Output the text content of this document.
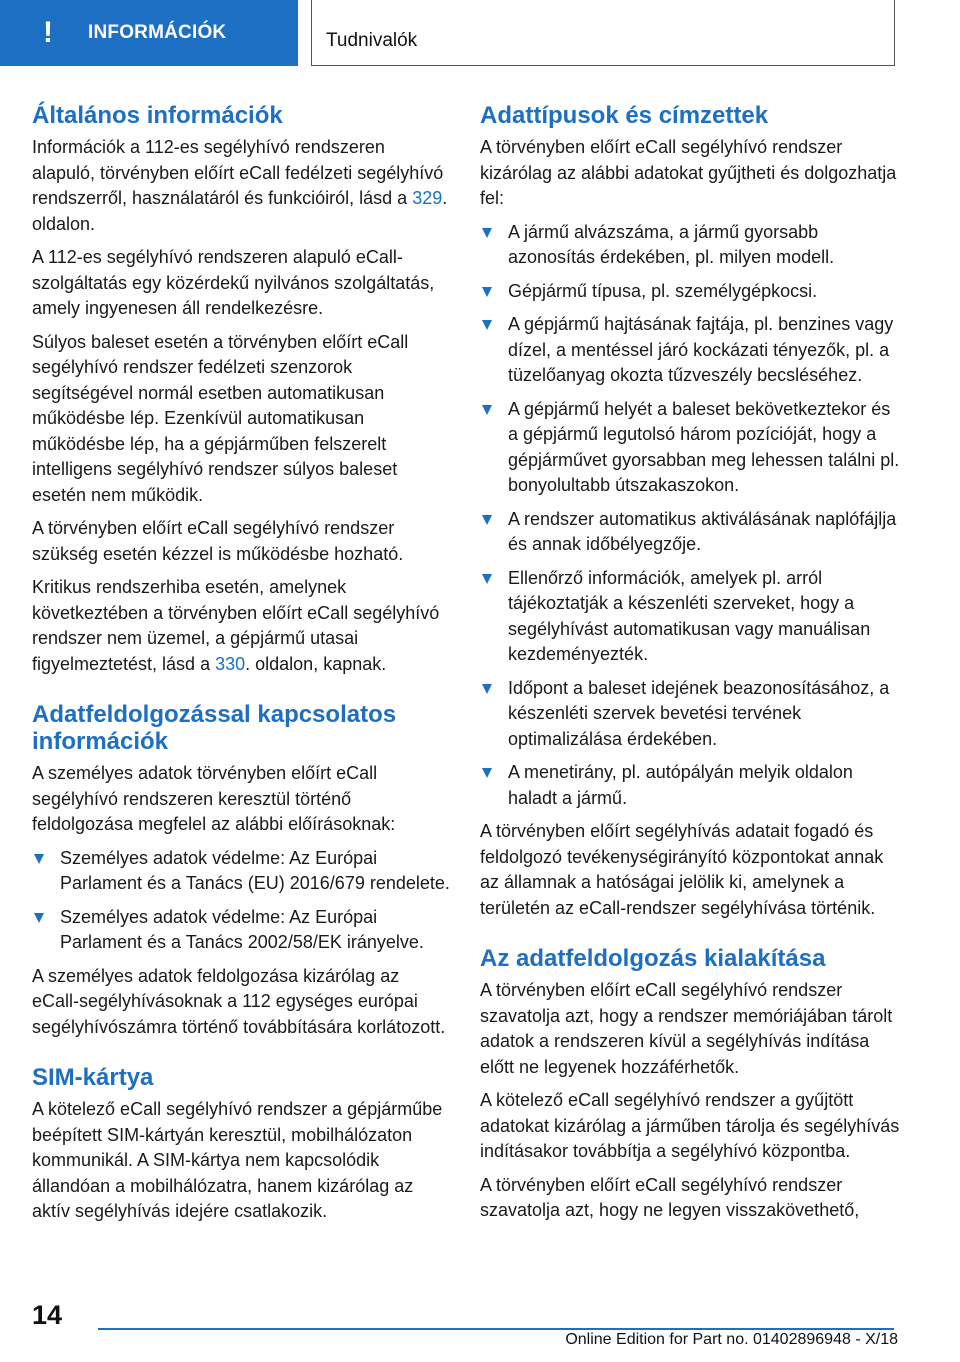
! INFORMÁCIÓK	Tudnivalók
Általános információk

Információk a 112-es segélyhívó rendszeren alapuló, törvényben előírt eCall fedélzeti segélyhívó rendszerről, használatáról és funkcióiról, lásd a 329. oldalon.

A 112-es segélyhívó rendszeren alapuló eCall-szolgáltatás egy közérdekű nyilvános szolgáltatás, amely ingyenesen áll rendelkezésre.

Súlyos baleset esetén a törvényben előírt eCall segélyhívó rendszer fedélzeti szenzorok segítségével normál esetben automatikusan működésbe lép. Ezenkívül automatikusan működésbe lép, ha a gépjárműben felszerelt intelligens segélyhívó rendszer súlyos baleset esetén nem működik.

A törvényben előírt eCall segélyhívó rendszer szükség esetén kézzel is működésbe hozható.

Kritikus rendszerhiba esetén, amelynek következtében a törvényben előírt eCall segélyhívó rendszer nem üzemel, a gépjármű utasai figyelmeztetést, lásd a 330. oldalon, kapnak.

Adatfeldolgozással kapcsolatos információk

A személyes adatok törvényben előírt eCall segélyhívó rendszeren keresztül történő feldolgozása megfelel az alábbi előírásoknak:

Személyes adatok védelme: Az Európai Parlament és a Tanács (EU) 2016/679 rendelete.
Személyes adatok védelme: Az Európai Parlament és a Tanács 2002/58/EK irányelve.

A személyes adatok feldolgozása kizárólag az eCall-segélyhívásoknak a 112 egységes európai segélyhívószámra történő továbbítására korlátozott.

SIM-kártya

A kötelező eCall segélyhívó rendszer a gépjárműbe beépített SIM-kártyán keresztül, mobilhálózaton kommunikál. A SIM-kártya nem kapcsolódik állandóan a mobilhálózatra, hanem kizárólag az aktív segélyhívás idejére csatlakozik.

Adattípusok és címzettek

A törvényben előírt eCall segélyhívó rendszer kizárólag az alábbi adatokat gyűjtheti és dolgozhatja fel:

A jármű alvázszáma, a jármű gyorsabb azonosítás érdekében, pl. milyen modell.
Gépjármű típusa, pl. személygépkocsi.
A gépjármű hajtásának fajtája, pl. benzines vagy dízel, a mentéssel járó kockázati tényezők, pl. a tüzelőanyag okozta tűzveszély becsléséhez.
A gépjármű helyét a baleset bekövetkeztekor és a gépjármű legutolsó három pozícióját, hogy a gépjárművet gyorsabban meg lehessen találni pl. bonyolultabb útszakaszokon.
A rendszer automatikus aktiválásának naplófájlja és annak időbélyegzője.
Ellenőrző információk, amelyek pl. arról tájékoztatják a készenléti szerveket, hogy a segélyhívást automatikusan vagy manuálisan kezdeményezték.
Időpont a baleset idejének beazonosításához, a készenléti szervek bevetési tervének optimalizálása érdekében.
A menetirány, pl. autópályán melyik oldalon haladt a jármű.

A törvényben előírt segélyhívás adatait fogadó és feldolgozó tevékenységirányító központokat annak az államnak a hatóságai jelölik ki, amelynek a területén az eCall-rendszer segélyhívása történik.

Az adatfeldolgozás kialakítása

A törvényben előírt eCall segélyhívó rendszer szavatolja azt, hogy a rendszer memóriájában tárolt adatok a rendszeren kívül a segélyhívás indítása előtt ne legyenek hozzáférhetők.

A kötelező eCall segélyhívó rendszer a gyűjtött adatokat kizárólag a járműben tárolja és segélyhívás indításakor továbbítja a segélyhívó központba.

A törvényben előírt eCall segélyhívó rendszer szavatolja azt, hogy ne legyen visszakövethető,

14
Online Edition for Part no. 01402896948 - X/18
